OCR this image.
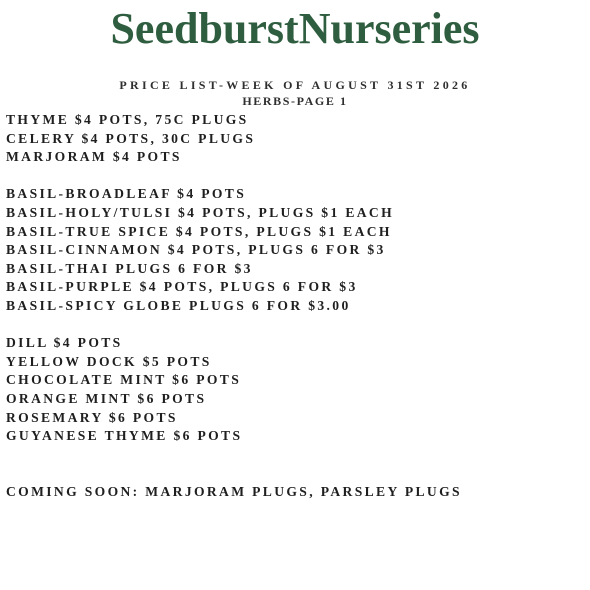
SeedburstNurseries
PRICE LIST-WEEK OF AUGUST 31ST 2026
HERBS-PAGE 1
THYME $4 POTS, 75C PLUGS
CELERY $4 POTS, 30C PLUGS
MARJORAM $4 POTS
BASIL-BROADLEAF $4 POTS
BASIL-HOLY/TULSI $4 POTS, PLUGS $1 EACH
BASIL-TRUE SPICE $4 POTS, PLUGS $1 EACH
BASIL-CINNAMON $4 POTS, PLUGS 6 FOR $3
BASIL-THAI PLUGS 6 FOR $3
BASIL-PURPLE $4 POTS, PLUGS 6 FOR $3
BASIL-SPICY GLOBE PLUGS 6 FOR $3.00
DILL $4 POTS
YELLOW DOCK $5 POTS
CHOCOLATE MINT $6 POTS
ORANGE MINT $6 POTS
ROSEMARY $6 POTS
GUYANESE THYME $6 POTS
COMING SOON: MARJORAM PLUGS, PARSLEY PLUGS
